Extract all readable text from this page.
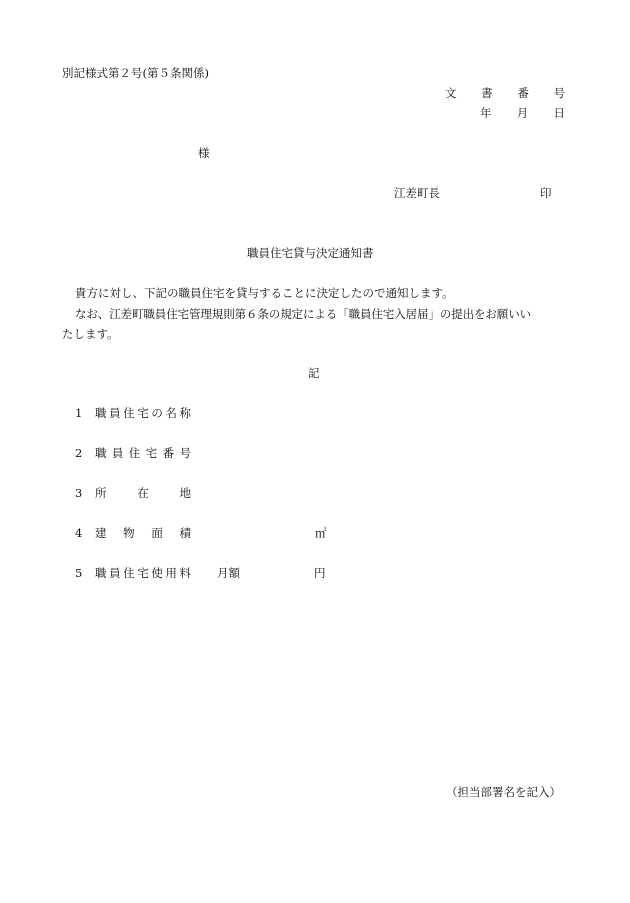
別記様式第２号(第５条関係)
文 書 番 号
年 月 日
様
江差町長	印
職員住宅貸与決定通知書
貴方に対し、下記の職員住宅を貸与することに決定したので通知します。
なお、江差町職員住宅管理規則第６条の規定による「職員住宅入居届」の提出をお願いい
たします。
記
1 職 員 住 宅 の 名 称
2 職 員 住 宅 番 号
3 所	在	地
4 建 物 面 積	㎡
5 職 員 住 宅 使 用 料 月額	円
（担当部署名を記入）
